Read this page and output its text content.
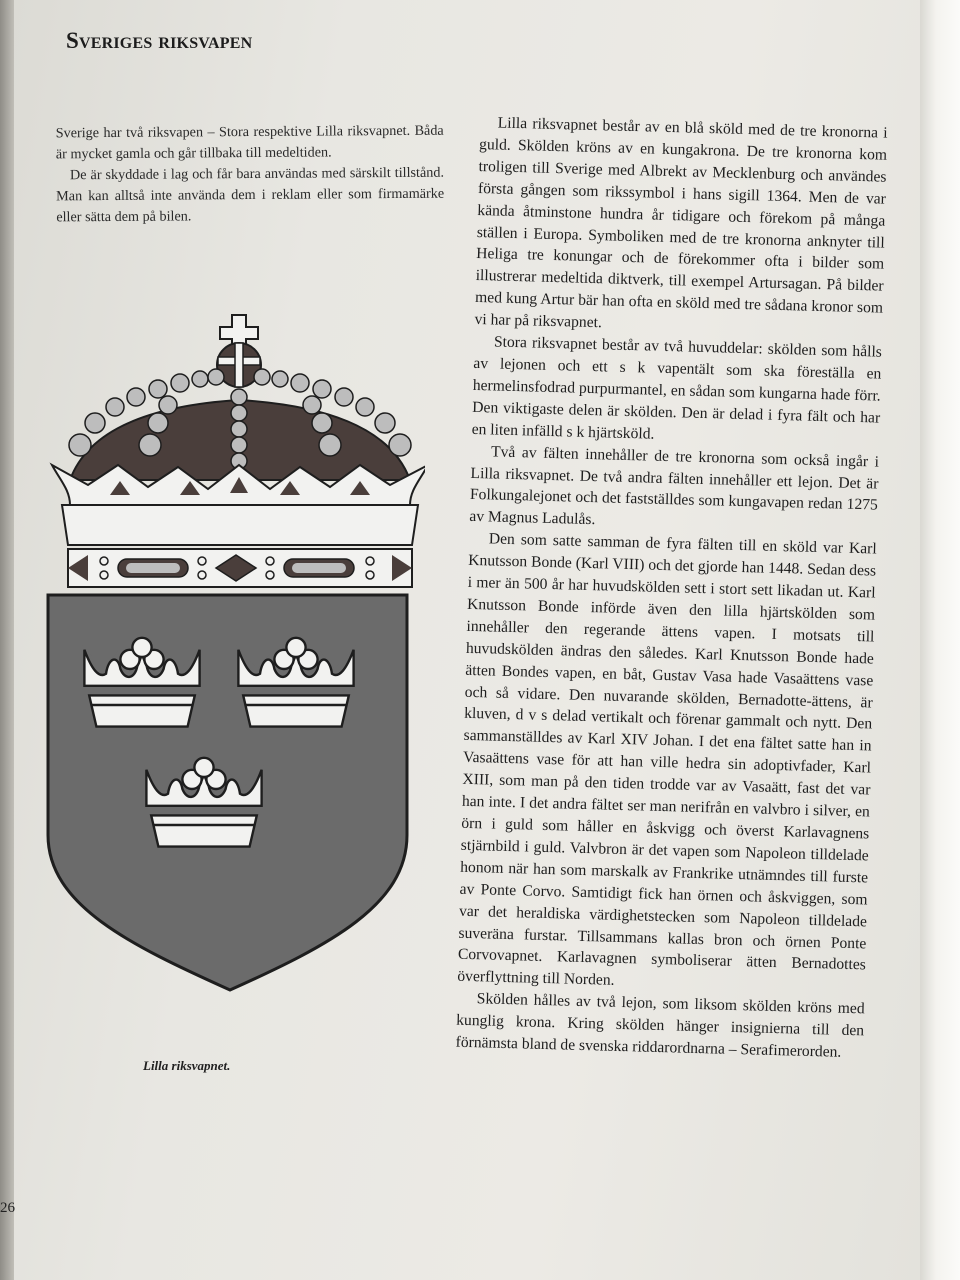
Sveriges riksvapen

Sverige har två riksvapen – Stora respektive Lilla riksvapnet. Båda är mycket gamla och går tillbaka till medeltiden.

De är skyddade i lag och får bara användas med särskilt tillstånd. Man kan alltså inte använda dem i reklam eller som firmamärke eller sätta dem på bilen.

Lilla riksvapnet.
26

Lilla riksvapnet består av en blå sköld med de tre kronorna i guld. Skölden kröns av en kungakrona. De tre kronorna kom troligen till Sverige med Albrekt av Mecklenburg och användes första gången som rikssymbol i hans sigill 1364. Men de var kända åtminstone hundra år tidigare och förekom på många ställen i Europa. Symboliken med de tre kronorna anknyter till Heliga tre konungar och de förekommer ofta i bilder som illustrerar medeltida diktverk, till exempel Artursagan. På bilder med kung Artur bär han ofta en sköld med tre sådana kronor som vi har på riksvapnet.

Stora riksvapnet består av två huvuddelar: skölden som hålls av lejonen och ett s k vapentält som ska föreställa en hermelinsfodrad purpurmantel, en sådan som kungarna hade förr. Den viktigaste delen är skölden. Den är delad i fyra fält och har en liten infälld s k hjärtsköld.

Två av fälten innehåller de tre kronorna som också ingår i Lilla riksvapnet. De två andra fälten innehåller ett lejon. Det är Folkungalejonet och det fastställdes som kungavapen redan 1275 av Magnus Ladulås.

Den som satte samman de fyra fälten till en sköld var Karl Knutsson Bonde (Karl VIII) och det gjorde han 1448. Sedan dess i mer än 500 år har huvudskölden sett i stort sett likadan ut. Karl Knutsson Bonde införde även den lilla hjärtskölden som innehåller den regerande ättens vapen. I motsats till huvudskölden ändras den således. Karl Knutsson Bonde hade ätten Bondes vapen, en båt, Gustav Vasa hade Vasaättens vase och så vidare. Den nuvarande skölden, Bernadotte-ättens, är kluven, d v s delad vertikalt och förenar gammalt och nytt. Den sammanställdes av Karl XIV Johan. I det ena fältet satte han in Vasaättens vase för att han ville hedra sin adoptivfader, Karl XIII, som man på den tiden trodde var av Vasaätt, fast det var han inte. I det andra fältet ser man nerifrån en valvbro i silver, en örn i guld som håller en åskvigg och överst Karlavagnens stjärnbild i guld. Valvbron är det vapen som Napoleon tilldelade honom när han som marskalk av Frankrike utnämndes till furste av Ponte Corvo. Samtidigt fick han örnen och åskviggen, som var det heraldiska värdighetstecken som Napoleon tilldelade suveräna furstar. Tillsammans kallas bron och örnen Ponte Corvovapnet. Karlavagnen symboliserar ätten Bernadottes överflyttning till Norden.

Skölden hålles av två lejon, som liksom skölden kröns med kunglig krona. Kring skölden hänger insignierna till den förnämsta bland de svenska riddarordnarna – Serafimerorden.
